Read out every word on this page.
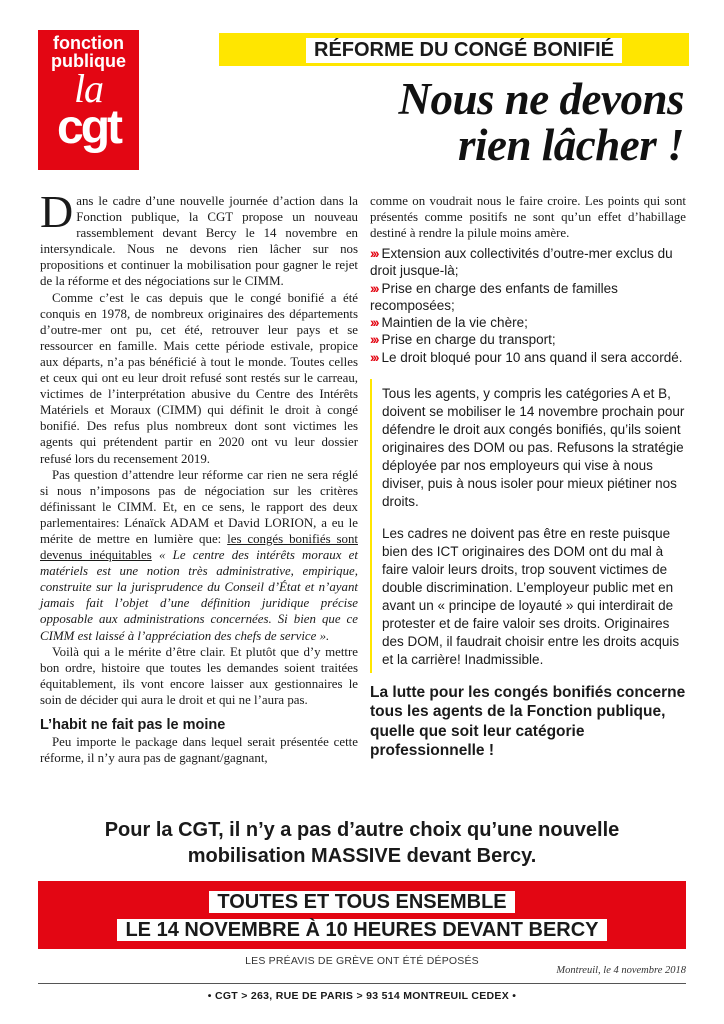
fonction
publique
la
cgt
RÉFORME DU CONGÉ BONIFIÉ
Nous ne devons
rien lâcher !

Dans le cadre d’une nouvelle journée d’action dans la Fonction publique, la CGT propose un nouveau rassemblement devant Bercy le 14 novembre en intersyndicale. Nous ne devons rien lâcher sur nos propositions et continuer la mobilisation pour gagner le rejet de la réforme et des négociations sur le CIMM.

Comme c’est le cas depuis que le congé bonifié a été conquis en 1978, de nombreux originaires des départements d’outre-mer ont pu, cet été, retrouver leur pays et se ressourcer en famille. Mais cette période estivale, propice aux départs, n’a pas bénéficié à tout le monde. Toutes celles et ceux qui ont eu leur droit refusé sont restés sur le carreau, victimes de l’interprétation abusive du Centre des Intérêts Matériels et Moraux (CIMM) qui définit le droit à congé bonifié. Des refus plus nombreux dont sont victimes les agents qui prétendent partir en 2020 ont vu leur dossier refusé lors du recensement 2019.

Pas question d’attendre leur réforme car rien ne sera réglé si nous n’imposons pas de négociation sur les critères définissant le CIMM. Et, en ce sens, le rapport des deux parlementaires: Lénaïck ADAM et David LORION, a eu le mérite de mettre en lumière que: les congés bonifiés sont devenus inéquitables « Le centre des intérêts moraux et matériels est une notion très administrative, empirique, construite sur la jurisprudence du Conseil d’État et n’ayant jamais fait l’objet d’une définition juridique précise opposable aux administrations concernées. Si bien que ce CIMM est laissé à l’appréciation des chefs de service ».

Voilà qui a le mérite d’être clair. Et plutôt que d’y mettre bon ordre, histoire que toutes les demandes soient traitées équitablement, ils vont encore laisser aux gestionnaires le soin de décider qui aura le droit et qui ne l’aura pas.

L’habit ne fait pas le moine

Peu importe le package dans lequel serait présentée cette réforme, il n’y aura pas de gagnant/gagnant,

comme on voudrait nous le faire croire. Les points qui sont présentés comme positifs ne sont qu’un effet d’habillage destiné à rendre la pilule moins amère.

››› Extension aux collectivités d’outre-mer exclus du droit jusque-là;
››› Prise en charge des enfants de familles recomposées;
››› Maintien de la vie chère;
››› Prise en charge du transport;
››› Le droit bloqué pour 10 ans quand il sera accordé.

Tous les agents, y compris les catégories A et B, doivent se mobiliser le 14 novembre prochain pour défendre le droit aux congés bonifiés, qu’ils soient originaires des DOM ou pas. Refusons la stratégie déployée par nos employeurs qui vise à nous diviser, puis à nous isoler pour mieux piétiner nos droits.

Les cadres ne doivent pas être en reste puisque bien des ICT originaires des DOM ont du mal à faire valoir leurs droits, trop souvent victimes de double discrimination. L’employeur public met en avant un « principe de loyauté » qui interdirait de protester et de faire valoir ses droits. Originaires des DOM, il faudrait choisir entre les droits acquis et la carrière! Inadmissible.

La lutte pour les congés bonifiés concerne tous les agents de la Fonction publique, quelle que soit leur catégorie professionnelle !
Pour la CGT, il n’y a pas d’autre choix qu’une nouvelle
mobilisation MASSIVE devant Bercy.
TOUTES ET TOUS ENSEMBLE
LE 14 NOVEMBRE À 10 HEURES DEVANT BERCY
LES PRÉAVIS DE GRÈVE ONT ÉTÉ DÉPOSÉS
Montreuil, le 4 novembre 2018
• CGT > 263, RUE DE PARIS > 93 514 MONTREUIL CEDEX •
